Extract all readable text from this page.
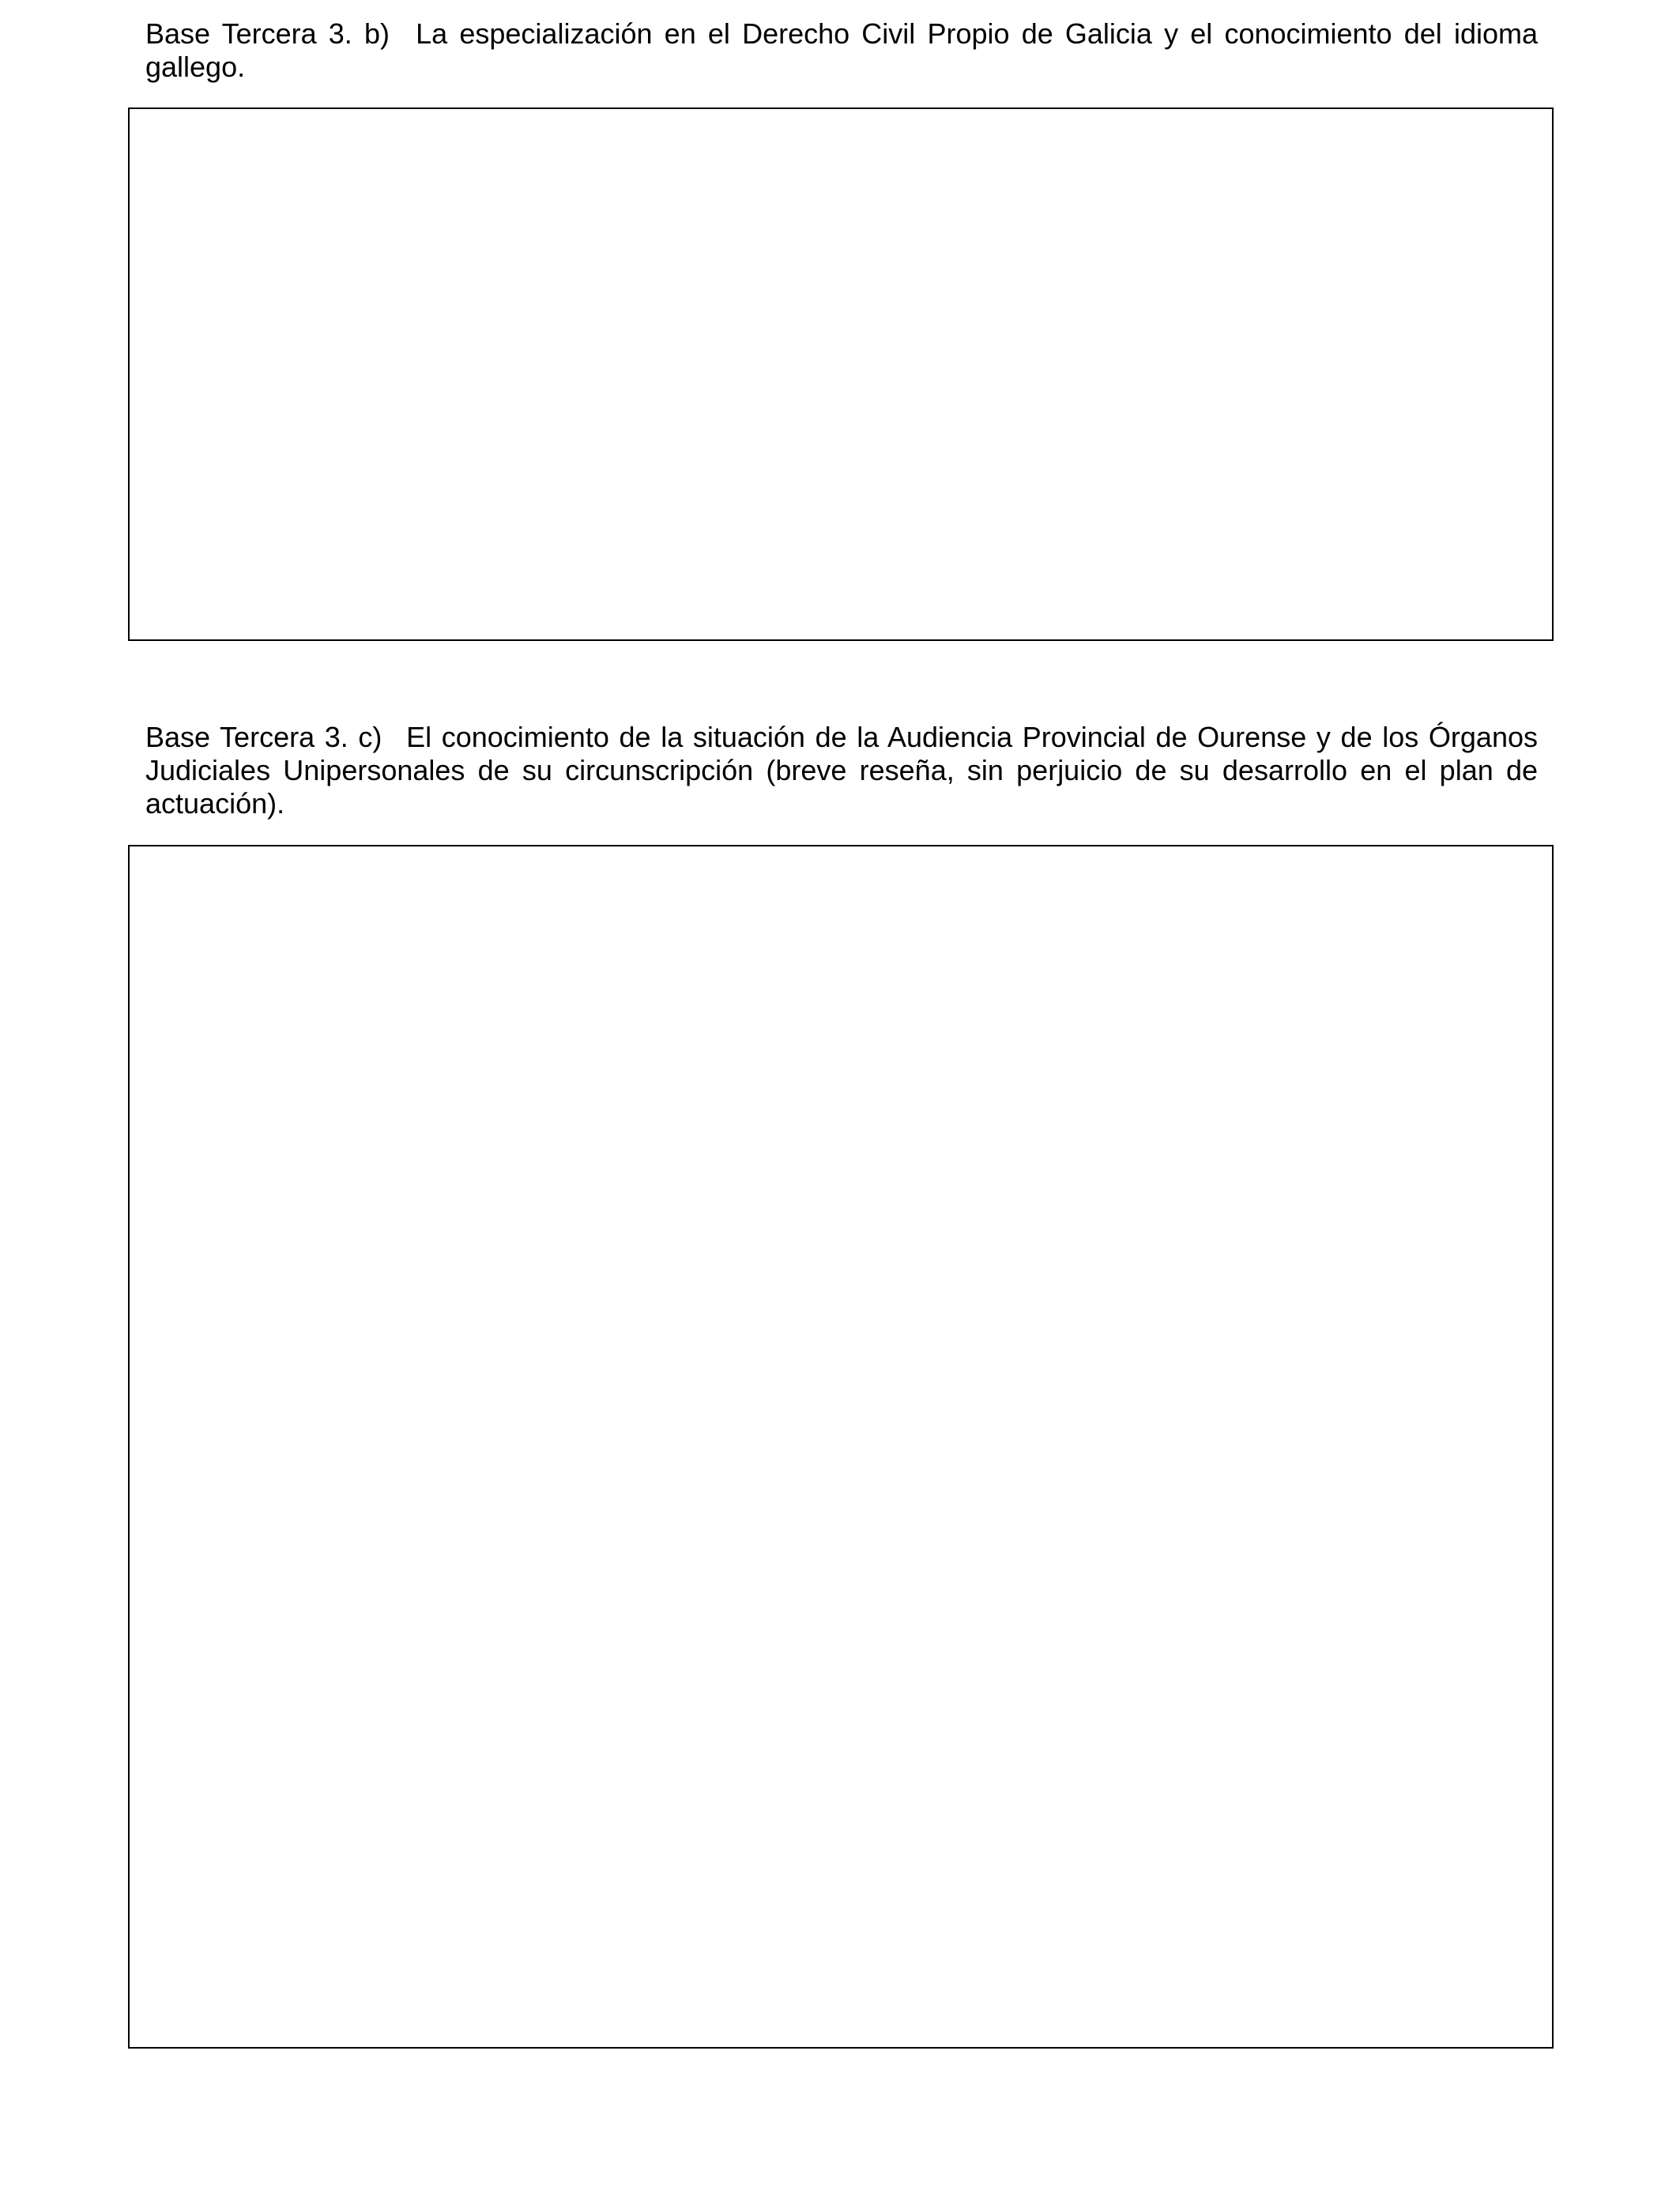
Base Tercera 3. b) La especialización en el Derecho Civil Propio de Galicia y el conocimiento del idioma gallego.

Base Tercera 3. c) El conocimiento de la situación de la Audiencia Provincial de Ourense y de los Órganos Judiciales Unipersonales de su circunscripción (breve reseña, sin perjuicio de su desarrollo en el plan de actuación).
